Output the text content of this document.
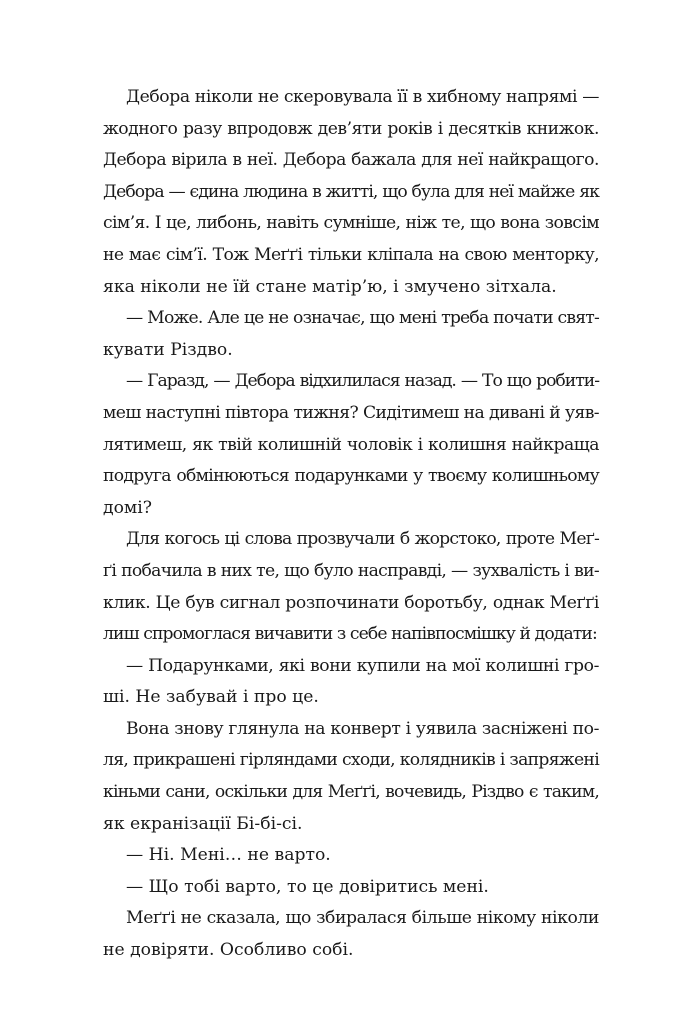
Дебора ніколи не скеровувала її в хибному напрямі —
жодного разу впродовж дев’яти років і десятків книжок.
Дебора вірила в неї. Дебора бажала для неї найкращого.
Дебора — єдина людина в житті, що була для неї майже як
сім’я. І це, либонь, навіть сумніше, ніж те, що вона зовсім
не має сім’ї. Тож Меґґі тільки кліпала на свою менторку,
яка ніколи не їй стане матір’ю, і змучено зітхала.
— Може. Але це не означає, що мені треба почати свят-
кувати Різдво.
— Гаразд, — Дебора відхилилася назад. — То що робити-
меш наступні півтора тижня? Сидітимеш на дивані й уяв-
лятимеш, як твій колишній чоловік і колишня найкраща
подруга обмінюються подарунками у твоєму колишньому
домі?
Для когось ці слова прозвучали б жорстоко, проте Меґ-
ґі побачила в них те, що було насправді, — зухвалість і ви-
клик. Це був сигнал розпочинати боротьбу, однак Меґґі
лиш спромоглася вичавити з себе напівпосмішку й додати:
— Подарунками, які вони купили на мої колишні гро-
ші. Не забувай і про це.
Вона знову глянула на конверт і уявила засніжені по-
ля, прикрашені гірляндами сходи, колядників і запряжені
кіньми сани, оскільки для Меґґі, вочевидь, Різдво є таким,
як екранізації Бі-бі-сі.
— Ні. Мені… не варто.
— Що тобі варто, то це довіритись мені.
Меґґі не сказала, що збиралася більше нікому ніколи
не довіряти. Особливо собі.
